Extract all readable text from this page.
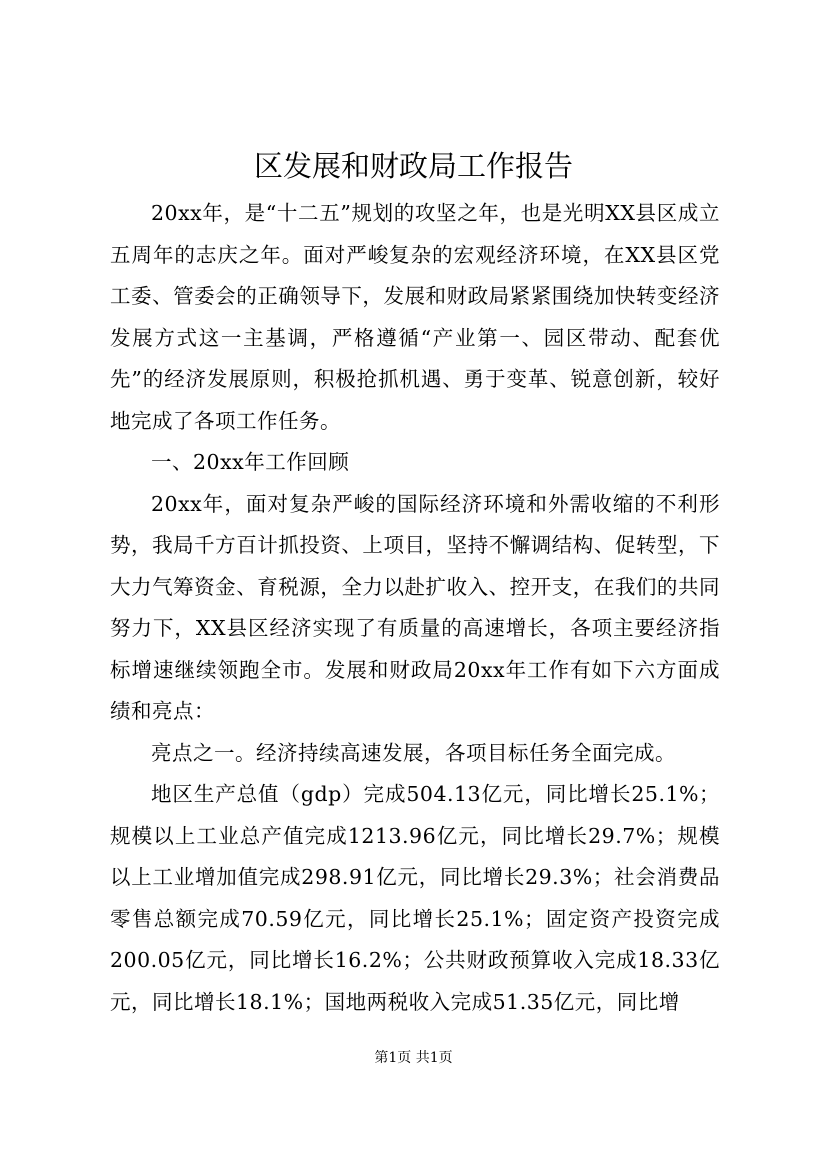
区发展和财政局工作报告

20xx年，是“十二五”规划的攻坚之年，也是光明XX县区成立五周年的志庆之年。面对严峻复杂的宏观经济环境，在XX县区党工委、管委会的正确领导下，发展和财政局紧紧围绕加快转变经济发展方式这一主基调，严格遵循“产业第一、园区带动、配套优先”的经济发展原则，积极抢抓机遇、勇于变革、锐意创新，较好地完成了各项工作任务。

一、20xx年工作回顾

20xx年，面对复杂严峻的国际经济环境和外需收缩的不利形势，我局千方百计抓投资、上项目，坚持不懈调结构、促转型，下大力气筹资金、育税源，全力以赴扩收入、控开支，在我们的共同努力下，XX县区经济实现了有质量的高速增长，各项主要经济指标增速继续领跑全市。发展和财政局20xx年工作有如下六方面成绩和亮点：

亮点之一。经济持续高速发展，各项目标任务全面完成。

地区生产总值（gdp）完成504.13亿元，同比增长25.1%；规模以上工业总产值完成1213.96亿元，同比增长29.7%；规模以上工业增加值完成298.91亿元，同比增长29.3%；社会消费品零售总额完成70.59亿元，同比增长25.1%；固定资产投资完成200.05亿元，同比增长16.2%；公共财政预算收入完成18.33亿元，同比增长18.1%；国地两税收入完成51.35亿元，同比增

第1页 共1页
